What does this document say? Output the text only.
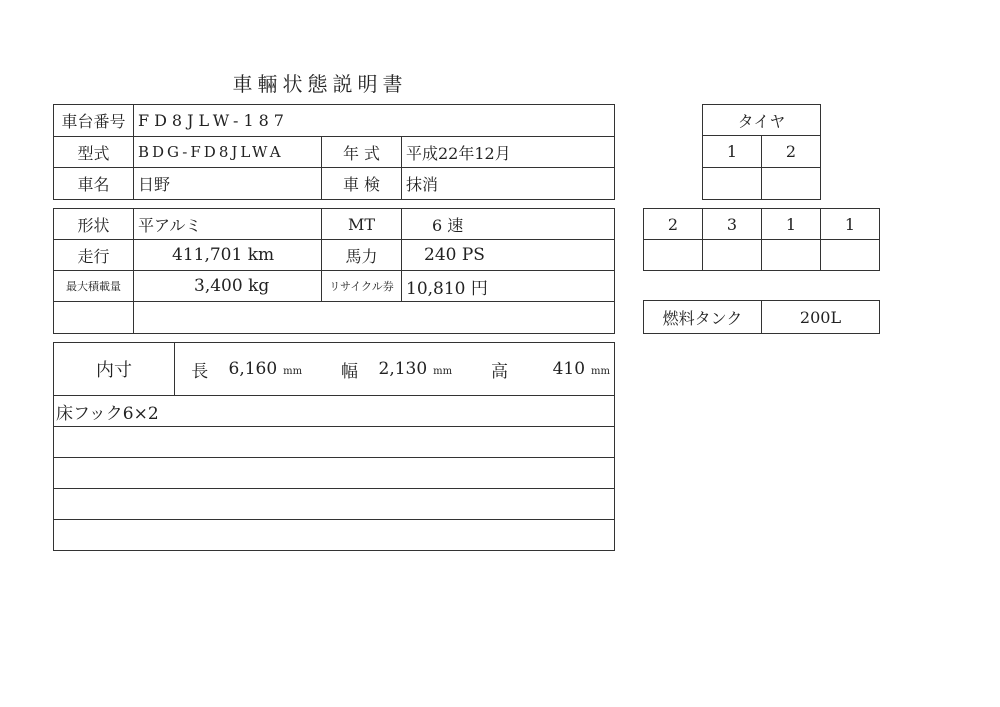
車輛状態説明書
車台番号	FD8JLW-187		
型式	BDG-FD8JLWA	年 式	平成22年12月
車名	日野	車 検	抹消
形状	平アルミ	MT	6 速
走行	411,701 km	馬力	240 PS
最大積載量	3,400 kg	リサイクル券	10,810 円

内寸	長	6,160 mm	幅	2,130 mm	高	410 mm
床フック6×2

タイヤ	
1	2

2	3	1	1

燃料タンク	200L
